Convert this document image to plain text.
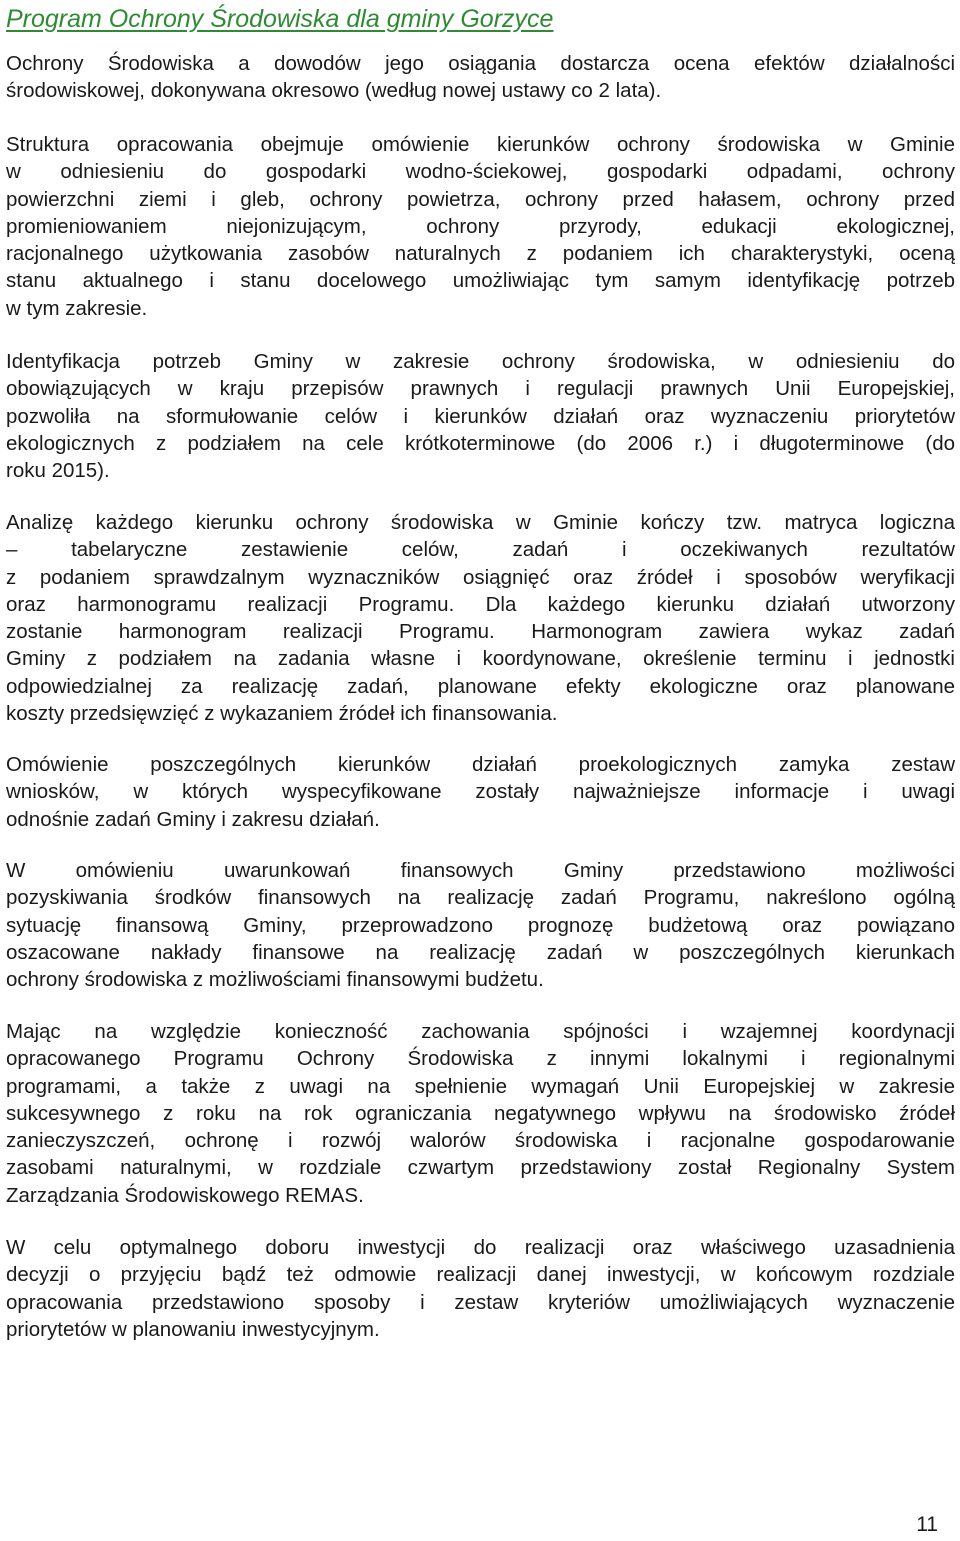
Program Ochrony Środowiska dla gminy Gorzyce

Ochrony Środowiska a dowodów jego osiągania dostarcza ocena efektów działalności
środowiskowej, dokonywana okresowo (według nowej ustawy co 2 lata).

Struktura opracowania obejmuje omówienie kierunków ochrony środowiska w Gminie
w odniesieniu do gospodarki wodno-ściekowej, gospodarki odpadami, ochrony
powierzchni ziemi i gleb, ochrony powietrza, ochrony przed hałasem, ochrony przed
promieniowaniem niejonizującym, ochrony przyrody, edukacji ekologicznej,
racjonalnego użytkowania zasobów naturalnych z podaniem ich charakterystyki, oceną
stanu aktualnego i stanu docelowego umożliwiając tym samym identyfikację potrzeb
w tym zakresie.

Identyfikacja potrzeb Gminy w zakresie ochrony środowiska, w odniesieniu do
obowiązujących w kraju przepisów prawnych i regulacji prawnych Unii Europejskiej,
pozwoliła na sformułowanie celów i kierunków działań oraz wyznaczeniu priorytetów
ekologicznych z podziałem na cele krótkoterminowe (do 2006 r.) i długoterminowe (do
roku 2015).

Analizę każdego kierunku ochrony środowiska w Gminie kończy tzw. matryca logiczna
– tabelaryczne zestawienie celów, zadań i oczekiwanych rezultatów
z podaniem sprawdzalnym wyznaczników osiągnięć oraz źródeł i sposobów weryfikacji
oraz harmonogramu realizacji Programu. Dla każdego kierunku działań utworzony
zostanie harmonogram realizacji Programu. Harmonogram zawiera wykaz zadań
Gminy z podziałem na zadania własne i koordynowane, określenie terminu i jednostki
odpowiedzialnej za realizację zadań, planowane efekty ekologiczne oraz planowane
koszty przedsięwzięć z wykazaniem źródeł ich finansowania.

Omówienie poszczególnych kierunków działań proekologicznych zamyka zestaw
wniosków, w których wyspecyfikowane zostały najważniejsze informacje i uwagi
odnośnie zadań Gminy i zakresu działań.

W omówieniu uwarunkowań finansowych Gminy przedstawiono możliwości
pozyskiwania środków finansowych na realizację zadań Programu, nakreślono ogólną
sytuację finansową Gminy, przeprowadzono prognozę budżetową oraz powiązano
oszacowane nakłady finansowe na realizację zadań w poszczególnych kierunkach
ochrony środowiska z możliwościami finansowymi budżetu.

Mając na względzie konieczność zachowania spójności i wzajemnej koordynacji
opracowanego Programu Ochrony Środowiska z innymi lokalnymi i regionalnymi
programami, a także z uwagi na spełnienie wymagań Unii Europejskiej w zakresie
sukcesywnego z roku na rok ograniczania negatywnego wpływu na środowisko źródeł
zanieczyszczeń, ochronę i rozwój walorów środowiska i racjonalne gospodarowanie
zasobami naturalnymi, w rozdziale czwartym przedstawiony został Regionalny System
Zarządzania Środowiskowego REMAS.

W celu optymalnego doboru inwestycji do realizacji oraz właściwego uzasadnienia
decyzji o przyjęciu bądź też odmowie realizacji danej inwestycji, w końcowym rozdziale
opracowania przedstawiono sposoby i zestaw kryteriów umożliwiających wyznaczenie
priorytetów w planowaniu inwestycyjnym.

11
